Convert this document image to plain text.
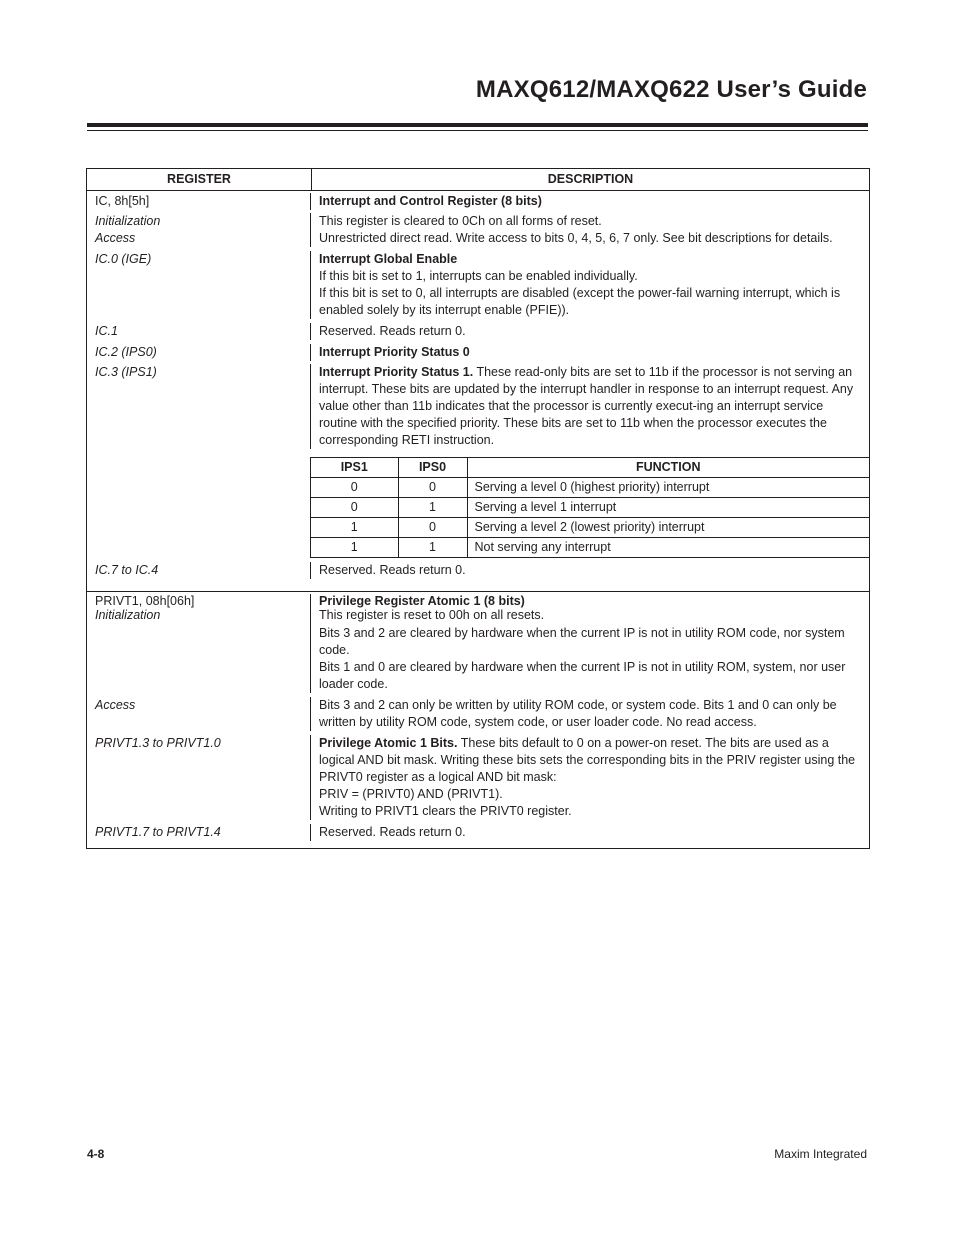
MAXQ612/MAXQ622 User’s Guide
REGISTER	DESCRIPTION
IC, 8h[5h]	Interrupt and Control Register (8 bits)
Initialization	This register is cleared to 0Ch on all forms of reset.
Access	Unrestricted direct read. Write access to bits 0, 4, 5, 6, 7 only. See bit descriptions for details.
IC.0 (IGE)	Interrupt Global Enable

If this bit is set to 1, interrupts can be enabled individually.

If this bit is set to 0, all interrupts are disabled (except the power-fail warning interrupt, which is enabled solely by its interrupt enable (PFIE)).

IC.1	Reserved. Reads return 0.
IC.2 (IPS0)	Interrupt Priority Status 0
IC.3 (IPS1)	Interrupt Priority Status 1. These read-only bits are set to 11b if the processor is not serving an interrupt. These bits are updated by the interrupt handler in response to an interrupt request. Any value other than 11b indicates that the processor is currently execut-ing an interrupt service routine with the specified priority. These bits are set to 11b when the processor executes the corresponding RETI instruction.
IPS1	IPS0	FUNCTION
0	0	Serving a level 0 (highest priority) interrupt
0	1	Serving a level 1 interrupt
1	0	Serving a level 2 (lowest priority) interrupt
1	1	Not serving any interrupt
IC.7 to IC.4	Reserved. Reads return 0.
PRIVT1, 08h[06h]	Privilege Register Atomic 1 (8 bits)
Initialization	This register is reset to 00h on all resets.

Bits 3 and 2 are cleared by hardware when the current IP is not in utility ROM code, nor system code.

Bits 1 and 0 are cleared by hardware when the current IP is not in utility ROM, system, nor user loader code.

Access	Bits 3 and 2 can only be written by utility ROM code, or system code. Bits 1 and 0 can only be written by utility ROM code, system code, or user loader code. No read access.
PRIVT1.3 to PRIVT1.0	Privilege Atomic 1 Bits. These bits default to 0 on a power-on reset. The bits are used as a logical AND bit mask. Writing these bits sets the corresponding bits in the PRIV register using the PRIVT0 register as a logical AND bit mask:

PRIV = (PRIVT0) AND (PRIVT1).

Writing to PRIVT1 clears the PRIVT0 register.

PRIVT1.7 to PRIVT1.4	Reserved. Reads return 0.
4-8	Maxim Integrated
